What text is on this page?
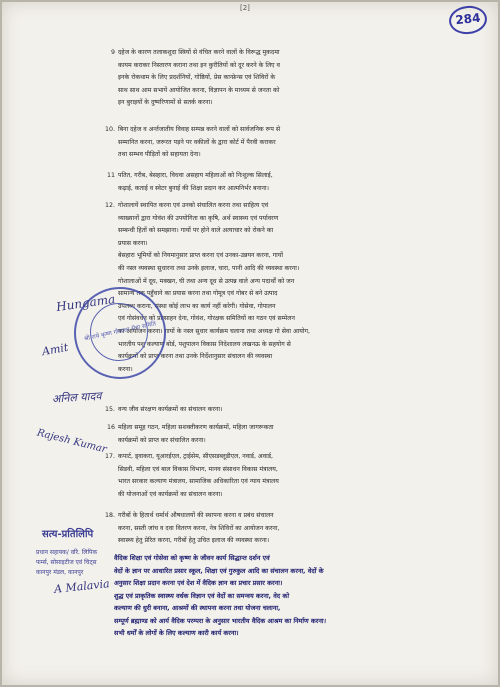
[2]
284
9 दहेज के कारण तलाकशुदा स्त्रियों से वंचित करने वालों के विरूद्ध मुकदमा
कायम कराकर निस्तारण कराना तथा इन कुरीतियों को दूर करने के लिए व
इनके रोकथाम के लिए प्रदर्शनियों, गोष्ठियों, प्रेस कान्फ्रेन्स एवं शिविरों के
साथ साथ आम सभायें आयोजित करना, विज्ञापन के माध्यम से जनता को
इन बुराइयों के दुष्परिणामों से सतर्क करना।
10. बिना दहेज व अर्न्तजातीय विवाह सम्पन्न करने वालों को सार्वजनिक रूप से
सम्मानित करना, जरूरत पड़ने पर वकीलों के द्वारा कोर्ट में पैरवी कराकर
तथा सम्भव पीड़ितों को सहायता देना।
11 पतित, गरीब, बेसहारा, विधवा असहाय महिलाओं को निःशुल्क सिलाई,
कढ़ाई, कताई व स्वेटर बुनाई की शिक्षा प्रदान कर आत्मनिर्भर बनाना।
12. गोशालायें स्थापित करना एवं उनको संचालित करना तथा साहित्य एवं
व्याख्यानों द्वारा गोवंश की उपयोगिता का कृषि, अर्थ स्वास्थ्य एवं पर्यावरण
सम्बन्धी हितों को समझाना। गायों पर होने वाले अत्याचार को रोकने का
प्रयास करना।
बेसहारा भूमियों को नियमानुसार प्राप्त करना एवं उनका-उन्नयन करना, गायों
की नस्ल व्यवस्था सुधारना तथा उनके इलाज, चारा, पानी आदि की व्यवस्था करना।
गोशालाओं में दूध, मक्खन, घी तथा अन्य दूध से उत्पन्न वाले अन्य पदार्थों को जन
सामान्य तक पहुँचाने का प्रयास करना तथा गोमूत्र एवं गोबर से बने उत्पाद
उपलब्ध कराना, संस्था कोई लाभ का कार्य नहीं करेगी। गोसेवा, गोपालन
एवं गोसंवर्धन को प्रोत्साहन देना, गोवंश, गोरक्षक समितियों का गठन एवं सम्मेलन
का आयोजन करना। गायों के नस्ल सुधार कार्यक्रम चलाना तथा अध्यक्ष गो सेवा आयोग,
भारतीय पशु कल्याण बोर्ड, पशुपालन विकास निदेशालय लखनऊ के सहयोग से
कार्यक्रमों को प्राप्त करना तथा उनके निर्देशानुसार संचालन की व्यवस्था
करना।
15. वन्य जीव संरक्षण कार्यक्रमों का संचालन करना।
16 महिला समूह गठन, महिला सशक्तीकरण कार्यक्रमों, महिला जागरूकता
कार्यक्रमों को प्राप्त कर संचालित करना।
17. कपार्ट, ड्वाकरा, यूआरईएल, ट्राईसेम, सीएसडब्लूडीएल, नवार्ड, अवार्ड,
सिडवी, महिला एवं बाल विकास विभाग, मानव संसाधन विकास मंत्रालय,
भारत सरकार कल्याण मंत्रालय, सामाजिक अधिकारिता एवं न्याय मंत्रालय
की योजनाओं एवं कार्यक्रमों का संचालन करना।
18. गरीबों के हितार्थ धर्मार्थ औषधालयों की स्थापना करना व प्रबंध संचालन
करना, सस्ती जांच व दवा वितरण करना, नेत्र शिविरों का आयोजन करना,
स्वास्थ्य हेतु प्रेरित करना, गरीबों हेतु उचित इलाज की व्यवस्था करना।
श्री राधे कृष्ण गौशाला सेवा समिति
Hungama
Amit
अनिल यादव
Rajesh Kumar
A Malavia
सत्य-प्रतिलिपि
प्रधान सहायक/ वरि. लिपिक
फर्म्स, सोसाइटीज एवं चिट्स
कानपुर मंडल, कानपुर
वैदिक शिक्षा एवं गोसेवा को कृष्ण के जीवन कार्य सिद्धान्त दर्शन एवं
वेदों के ज्ञान पर आधारित प्रसार स्कूल, शिक्षा एवं गुरुकुल आदि का संचालन करना, वेदों के
अनुसार शिक्षा प्रदान करना एवं देश में वैदिक ज्ञान का प्रचार प्रसार करना।
शुद्ध एवं प्राकृतिक स्वास्थ्य वर्धक विज्ञान एवं वेदों का समन्वय करना, वेद को
कल्याण की धुरी बनाना, आश्रमों की स्थापना करना तथा योजना चलाना,
सम्पूर्ण ब्रह्माण्ड को आर्य वैदिक परम्परा के अनुसार भारतीय वैदिक आश्रम का निर्माण करना।
सभी धर्मों के लोगों के लिए कल्याण कारी कार्य करना।
